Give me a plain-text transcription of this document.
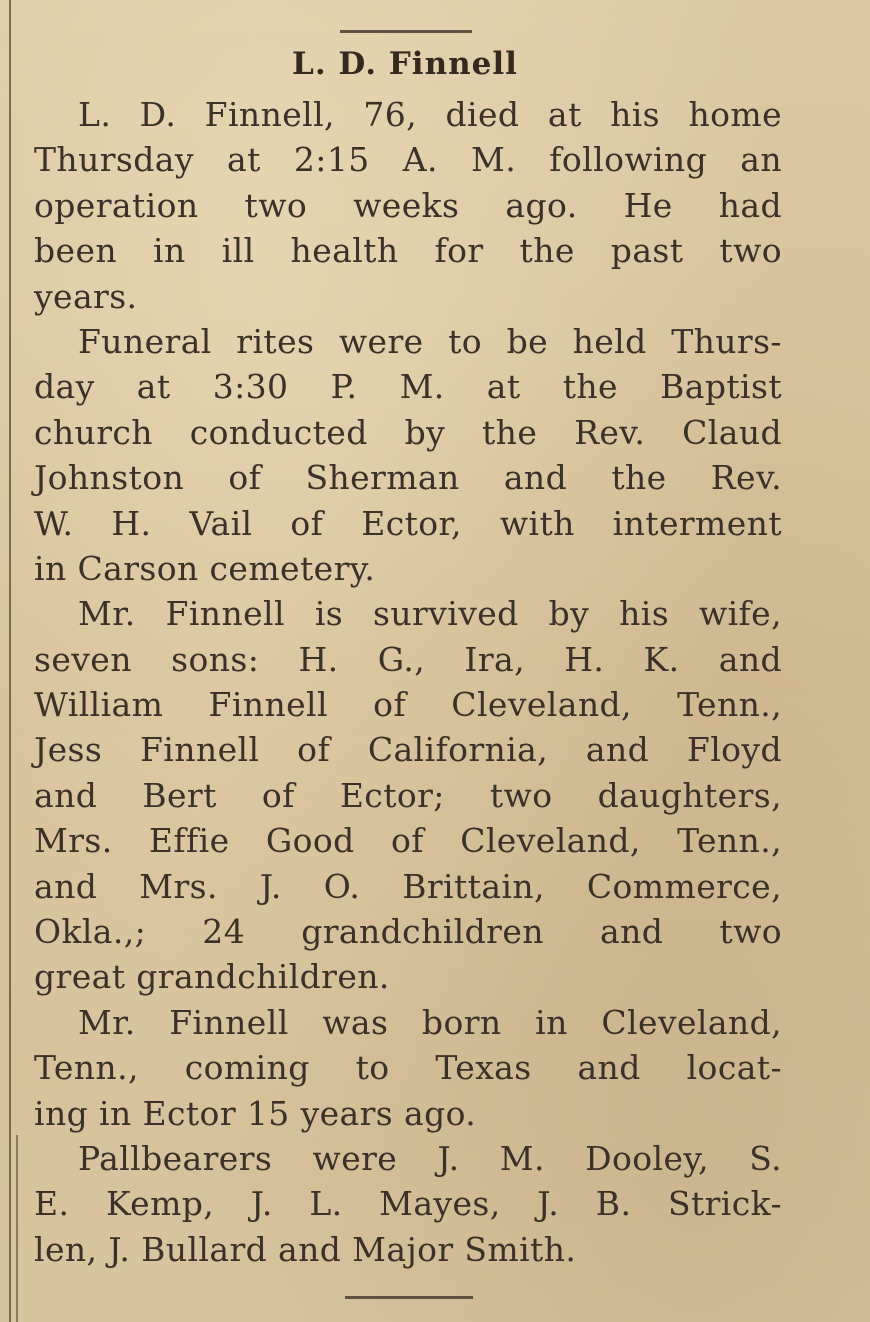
L. D. Finnell
L. D. Finnell, 76, died at his home
Thursday at 2:15 A. M. following an
operation two weeks ago. He had
been in ill health for the past two
years.
Funeral rites were to be held Thurs-
day at 3:30 P. M. at the Baptist
church conducted by the Rev. Claud
Johnston of Sherman and the Rev.
W. H. Vail of Ector, with interment
in Carson cemetery.
Mr. Finnell is survived by his wife,
seven sons: H. G., Ira, H. K. and
William Finnell of Cleveland, Tenn.,
Jess Finnell of California, and Floyd
and Bert of Ector; two daughters,
Mrs. Effie Good of Cleveland, Tenn.,
and Mrs. J. O. Brittain, Commerce,
Okla.,; 24 grandchildren and two
great grandchildren.
Mr. Finnell was born in Cleveland,
Tenn., coming to Texas and locat-
ing in Ector 15 years ago.
Pallbearers were J. M. Dooley, S.
E. Kemp, J. L. Mayes, J. B. Strick-
len, J. Bullard and Major Smith.
